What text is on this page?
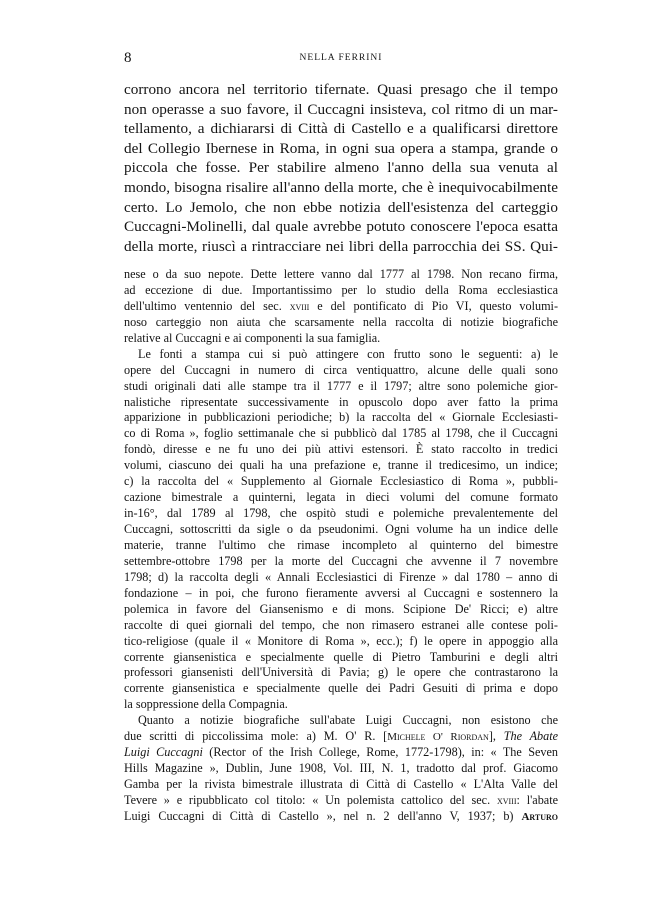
8	NELLA FERRINI
corrono ancora nel territorio tifernate. Quasi presago che il tempo
non operasse a suo favore, il Cuccagni insisteva, col ritmo di un mar-
tellamento, a dichiararsi di Città di Castello e a qualificarsi direttore
del Collegio Ibernese in Roma, in ogni sua opera a stampa, grande o
piccola che fosse. Per stabilire almeno l'anno della sua venuta al
mondo, bisogna risalire all'anno della morte, che è inequivocabilmente
certo. Lo Jemolo, che non ebbe notizia dell'esistenza del carteggio
Cuccagni-Molinelli, dal quale avrebbe potuto conoscere l'epoca esatta
della morte, riuscì a rintracciare nei libri della parrocchia dei SS. Qui-
nese o da suo nepote. Dette lettere vanno dal 1777 al 1798. Non recano firma,
ad eccezione di due. Importantissimo per lo studio della Roma ecclesiastica
dell'ultimo ventennio del sec. xviii e del pontificato di Pio VI, questo volumi-
noso carteggio non aiuta che scarsamente nella raccolta di notizie biografiche
relative al Cuccagni e ai componenti la sua famiglia.
Le fonti a stampa cui si può attingere con frutto sono le seguenti: a) le
opere del Cuccagni in numero di circa ventiquattro, alcune delle quali sono
studi originali dati alle stampe tra il 1777 e il 1797; altre sono polemiche gior-
nalistiche ripresentate successivamente in opuscolo dopo aver fatto la prima
apparizione in pubblicazioni periodiche; b) la raccolta del « Giornale Ecclesiasti-
co di Roma », foglio settimanale che si pubblicò dal 1785 al 1798, che il Cuccagni
fondò, diresse e ne fu uno dei più attivi estensori. È stato raccolto in tredici
volumi, ciascuno dei quali ha una prefazione e, tranne il tredicesimo, un indice;
c) la raccolta del « Supplemento al Giornale Ecclesiastico di Roma », pubbli-
cazione bimestrale a quinterni, legata in dieci volumi del comune formato
in-16°, dal 1789 al 1798, che ospitò studi e polemiche prevalentemente del
Cuccagni, sottoscritti da sigle o da pseudonimi. Ogni volume ha un indice delle
materie, tranne l'ultimo che rimase incompleto al quinterno del bimestre
settembre-ottobre 1798 per la morte del Cuccagni che avvenne il 7 novembre
1798; d) la raccolta degli « Annali Ecclesiastici di Firenze » dal 1780 – anno di
fondazione – in poi, che furono fieramente avversi al Cuccagni e sostennero la
polemica in favore del Giansenismo e di mons. Scipione De' Ricci; e) altre
raccolte di quei giornali del tempo, che non rimasero estranei alle contese poli-
tico-religiose (quale il « Monitore di Roma », ecc.); f) le opere in appoggio alla
corrente giansenistica e specialmente quelle di Pietro Tamburini e degli altri
professori giansenisti dell'Università di Pavia; g) le opere che contrastarono la
corrente giansenistica e specialmente quelle dei Padri Gesuiti di prima e dopo
la soppressione della Compagnia.
Quanto a notizie biografiche sull'abate Luigi Cuccagni, non esistono che
due scritti di piccolissima mole: a) M. O' R. [Michele O' Riordan], The Abate
Luigi Cuccagni (Rector of the Irish College, Rome, 1772-1798), in: « The Seven
Hills Magazine », Dublin, June 1908, Vol. III, N. 1, tradotto dal prof. Giacomo
Gamba per la rivista bimestrale illustrata di Città di Castello « L'Alta Valle del
Tevere » e ripubblicato col titolo: « Un polemista cattolico del sec. xviii: l'abate
Luigi Cuccagni di Città di Castello », nel n. 2 dell'anno V, 1937; b) Arturo
